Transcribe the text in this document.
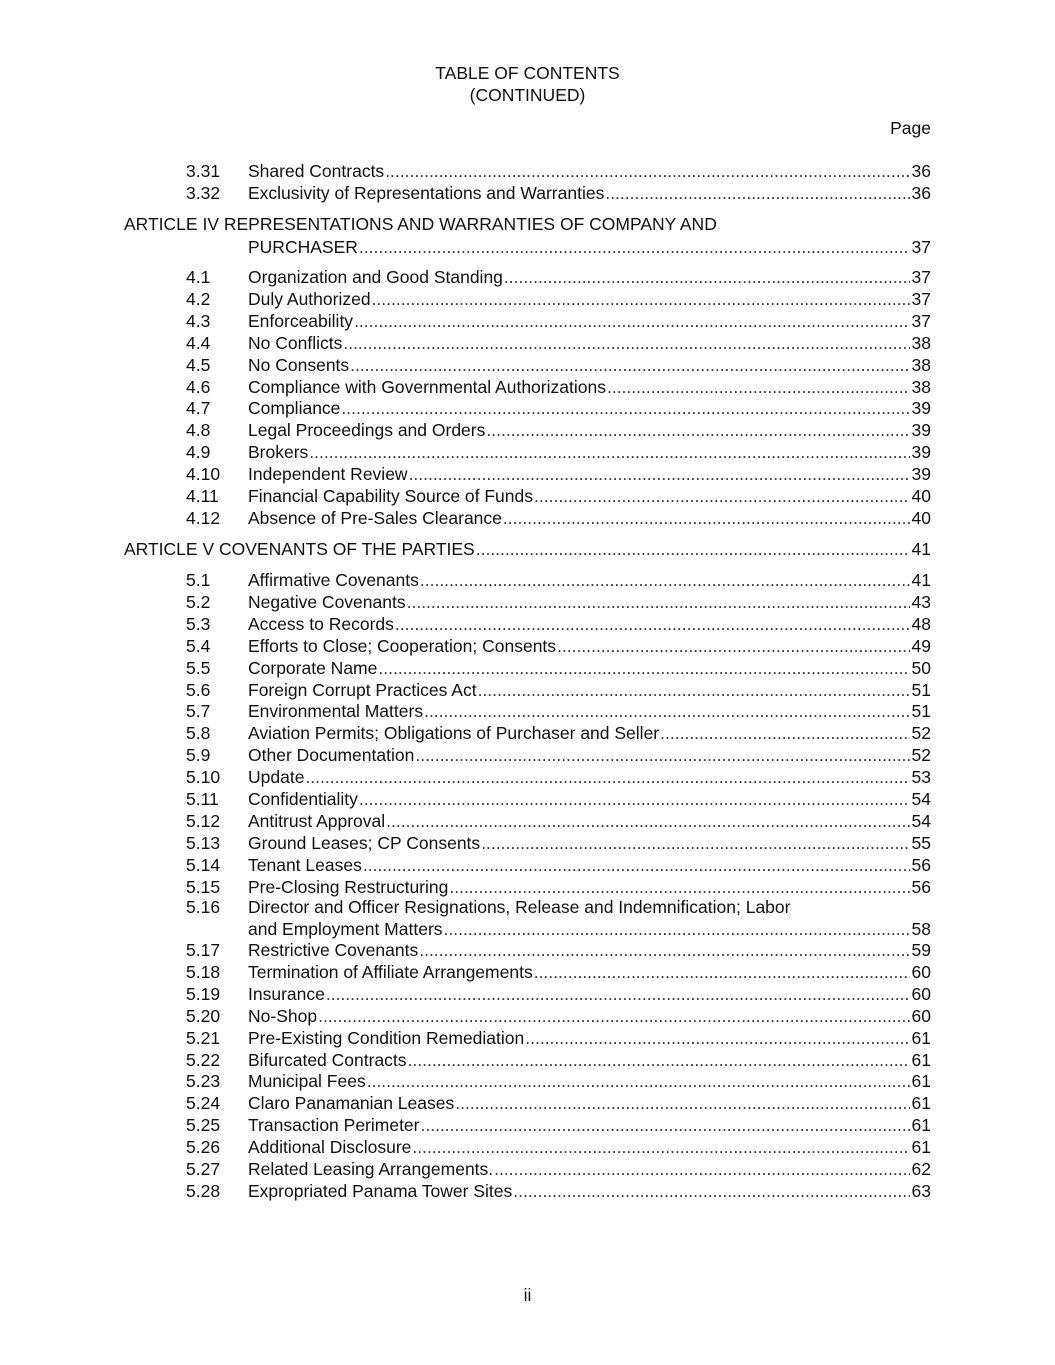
TABLE OF CONTENTS
(CONTINUED)
Page
3.31 Shared Contracts .....	36
3.32 Exclusivity of Representations and Warranties .....	36
ARTICLE IV REPRESENTATIONS AND WARRANTIES OF COMPANY AND
PURCHASER .....	37
4.1 Organization and Good Standing .....	37
4.2 Duly Authorized .....	37
4.3 Enforceability .....	37
4.4 No Conflicts .....	38
4.5 No Consents .....	38
4.6 Compliance with Governmental Authorizations .....	38
4.7 Compliance .....	39
4.8 Legal Proceedings and Orders .....	39
4.9 Brokers .....	39
4.10 Independent Review .....	39
4.11 Financial Capability Source of Funds .....	40
4.12 Absence of Pre-Sales Clearance .....	40
ARTICLE V COVENANTS OF THE PARTIES .....	41
5.1 Affirmative Covenants .....	41
5.2 Negative Covenants .....	43
5.3 Access to Records .....	48
5.4 Efforts to Close; Cooperation; Consents .....	49
5.5 Corporate Name .....	50
5.6 Foreign Corrupt Practices Act .....	51
5.7 Environmental Matters .....	51
5.8 Aviation Permits; Obligations of Purchaser and Seller .....	52
5.9 Other Documentation .....	52
5.10 Update .....	53
5.11 Confidentiality .....	54
5.12 Antitrust Approval .....	54
5.13 Ground Leases; CP Consents .....	55
5.14 Tenant Leases .....	56
5.15 Pre-Closing Restructuring .....	56
5.16 Director and Officer Resignations, Release and Indemnification; Labor
and Employment Matters .....	58
5.17 Restrictive Covenants .....	59
5.18 Termination of Affiliate Arrangements .....	60
5.19 Insurance .....	60
5.20 No-Shop .....	60
5.21 Pre-Existing Condition Remediation .....	61
5.22 Bifurcated Contracts .....	61
5.23 Municipal Fees .....	61
5.24 Claro Panamanian Leases .....	61
5.25 Transaction Perimeter .....	61
5.26 Additional Disclosure .....	61
5.27 Related Leasing Arrangements. .....	62
5.28 Expropriated Panama Tower Sites .....	63
ii
